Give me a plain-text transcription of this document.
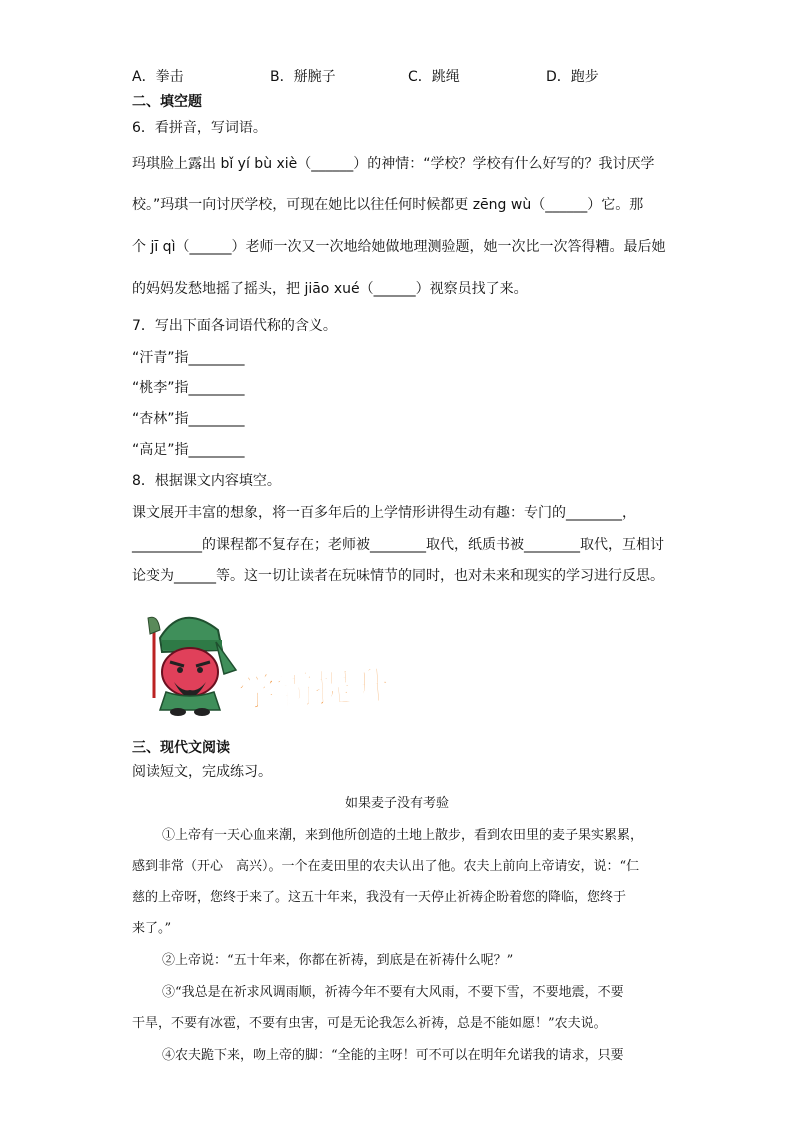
A．拳击	B．掰腕子	C．跳绳	D．跑步
二、填空题
6．看拼音，写词语。
玛琪脸上露出 bǐ yí bù xiè（______）的神情：“学校？学校有什么好写的？我讨厌学
校。”玛琪一向讨厌学校，可现在她比以往任何时候都更 zēng wù（______）它。那
个 jī qì（______）老师一次又一次地给她做地理测验题，她一次比一次答得糟。最后她
的妈妈发愁地摇了摇头，把 jiāo xué（______）视察员找了来。
7．写出下面各词语代称的含义。
“汗青”指________
“桃李”指________
“杏林”指________
“高足”指________
8．根据课文内容填空。
课文展开丰富的想象，将一百多年后的上学情形讲得生动有趣：专门的________，
__________的课程都不复存在；老师被________取代，纸质书被________取代，互相讨
论变为______等。这一切让读者在玩味情节的同时，也对未来和现实的学习进行反思。
学霸提升
三、现代文阅读
阅读短文，完成练习。
如果麦子没有考验
①上帝有一天心血来潮，来到他所创造的土地上散步，看到农田里的麦子果实累累，
感到非常（开心　高兴）。一个在麦田里的农夫认出了他。农夫上前向上帝请安，说：“仁
慈的上帝呀，您终于来了。这五十年来，我没有一天停止祈祷企盼着您的降临，您终于
来了。”
②上帝说：“五十年来，你都在祈祷，到底是在祈祷什么呢？”
③“我总是在祈求风调雨顺，祈祷今年不要有大风雨，不要下雪，不要地震，不要
干旱，不要有冰雹，不要有虫害，可是无论我怎么祈祷，总是不能如愿！”农夫说。
④农夫跪下来，吻上帝的脚：“全能的主呀！可不可以在明年允诺我的请求，只要
